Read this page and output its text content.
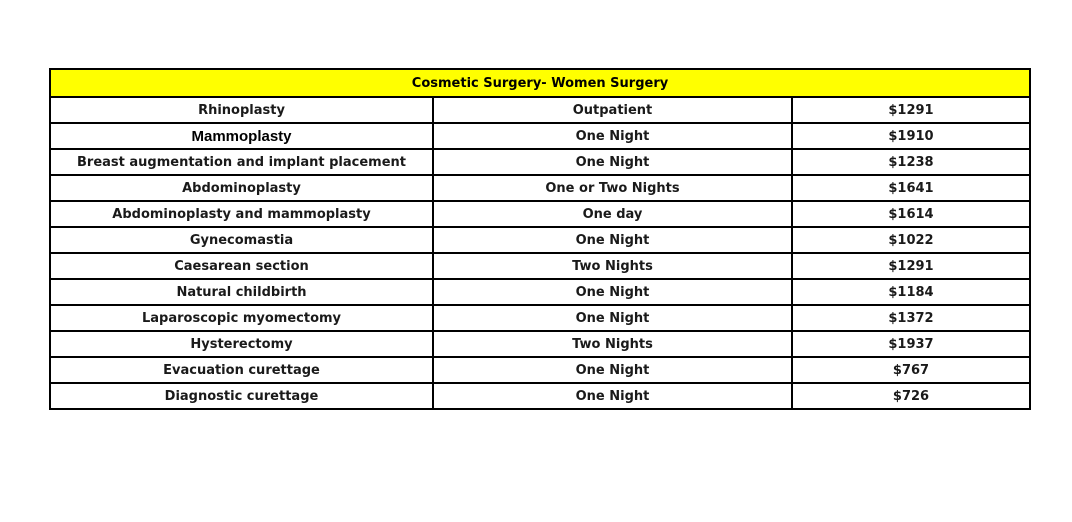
Cosmetic Surgery- Women Surgery		
Rhinoplasty	Outpatient	$1291
Mammoplasty	One Night	$1910
Breast augmentation and implant placement	One Night	$1238
Abdominoplasty	One or Two Nights	$1641
Abdominoplasty and mammoplasty	One day	$1614
Gynecomastia	One Night	$1022
Caesarean section	Two Nights	$1291
Natural childbirth	One Night	$1184
Laparoscopic myomectomy	One Night	$1372
Hysterectomy	Two Nights	$1937
Evacuation curettage	One Night	$767
Diagnostic curettage	One Night	$726
